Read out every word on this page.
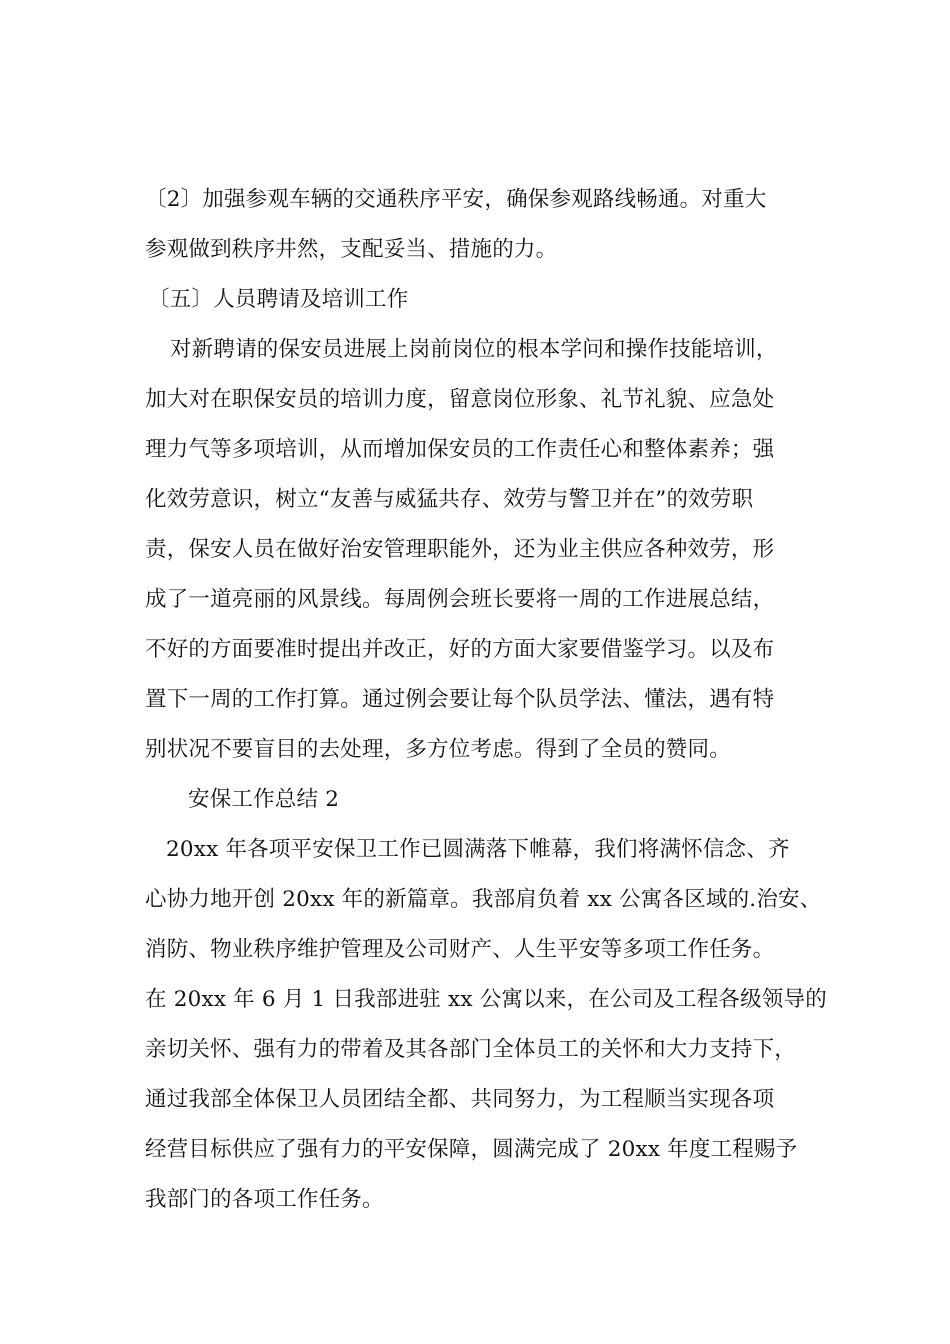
〔2〕加强参观车辆的交通秩序平安，确保参观路线畅通。对重大
参观做到秩序井然，支配妥当、措施的力。
〔五〕人员聘请及培训工作
对新聘请的保安员进展上岗前岗位的根本学问和操作技能培训，
加大对在职保安员的培训力度，留意岗位形象、礼节礼貌、应急处
理力气等多项培训，从而增加保安员的工作责任心和整体素养；强
化效劳意识，树立“友善与威猛共存、效劳与警卫并在”的效劳职
责，保安人员在做好治安管理职能外，还为业主供应各种效劳，形
成了一道亮丽的风景线。每周例会班长要将一周的工作进展总结，
不好的方面要准时提出并改正，好的方面大家要借鉴学习。以及布
置下一周的工作打算。通过例会要让每个队员学法、懂法，遇有特
别状况不要盲目的去处理，多方位考虑。得到了全员的赞同。
安保工作总结 2
20xx 年各项平安保卫工作已圆满落下帷幕，我们将满怀信念、齐
心协力地开创 20xx 年的新篇章。我部肩负着 xx 公寓各区域的.治安、
消防、物业秩序维护管理及公司财产、人生平安等多项工作任务。
在 20xx 年 6 月 1 日我部进驻 xx 公寓以来，在公司及工程各级领导的
亲切关怀、强有力的带着及其各部门全体员工的关怀和大力支持下，
通过我部全体保卫人员团结全都、共同努力，为工程顺当实现各项
经营目标供应了强有力的平安保障，圆满完成了 20xx 年度工程赐予
我部门的各项工作任务。
